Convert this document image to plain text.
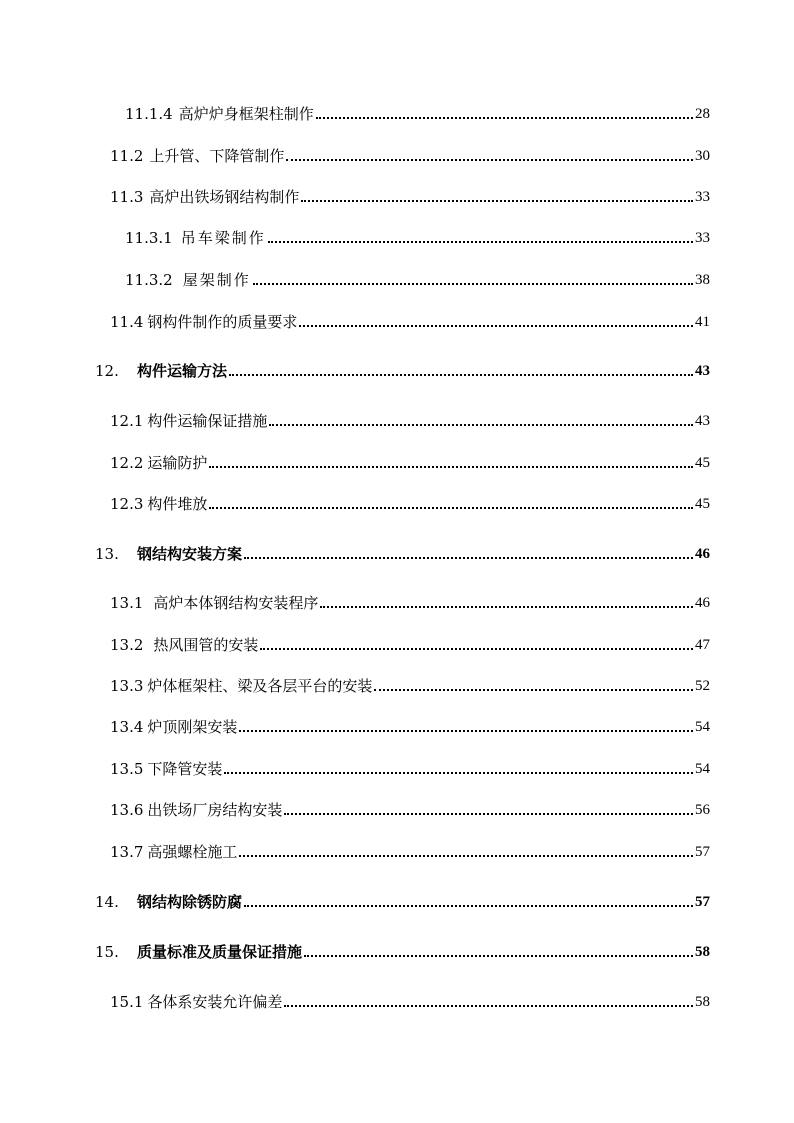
11.1.4 高炉炉身框架柱制作	28
11.2 上升管、下降管制作	30
11.3 高炉出铁场钢结构制作	33
11.3.1 吊车梁制作	33
11.3.2 屋架制作	38
11.4 钢构件制作的质量要求	41
12.	构件运输方法	43
12.1 构件运输保证措施	43
12.2 运输防护	45
12.3 构件堆放	45
13.	钢结构安装方案	46
13.1 高炉本体钢结构安装程序	46
13.2 热风围管的安装	47
13.3 炉体框架柱、梁及各层平台的安装	52
13.4 炉顶刚架安装	54
13.5 下降管安装	54
13.6 出铁场厂房结构安装	56
13.7 高强螺栓施工	57
14.	钢结构除锈防腐	57
15.	质量标准及质量保证措施	58
15.1 各体系安装允许偏差	58
